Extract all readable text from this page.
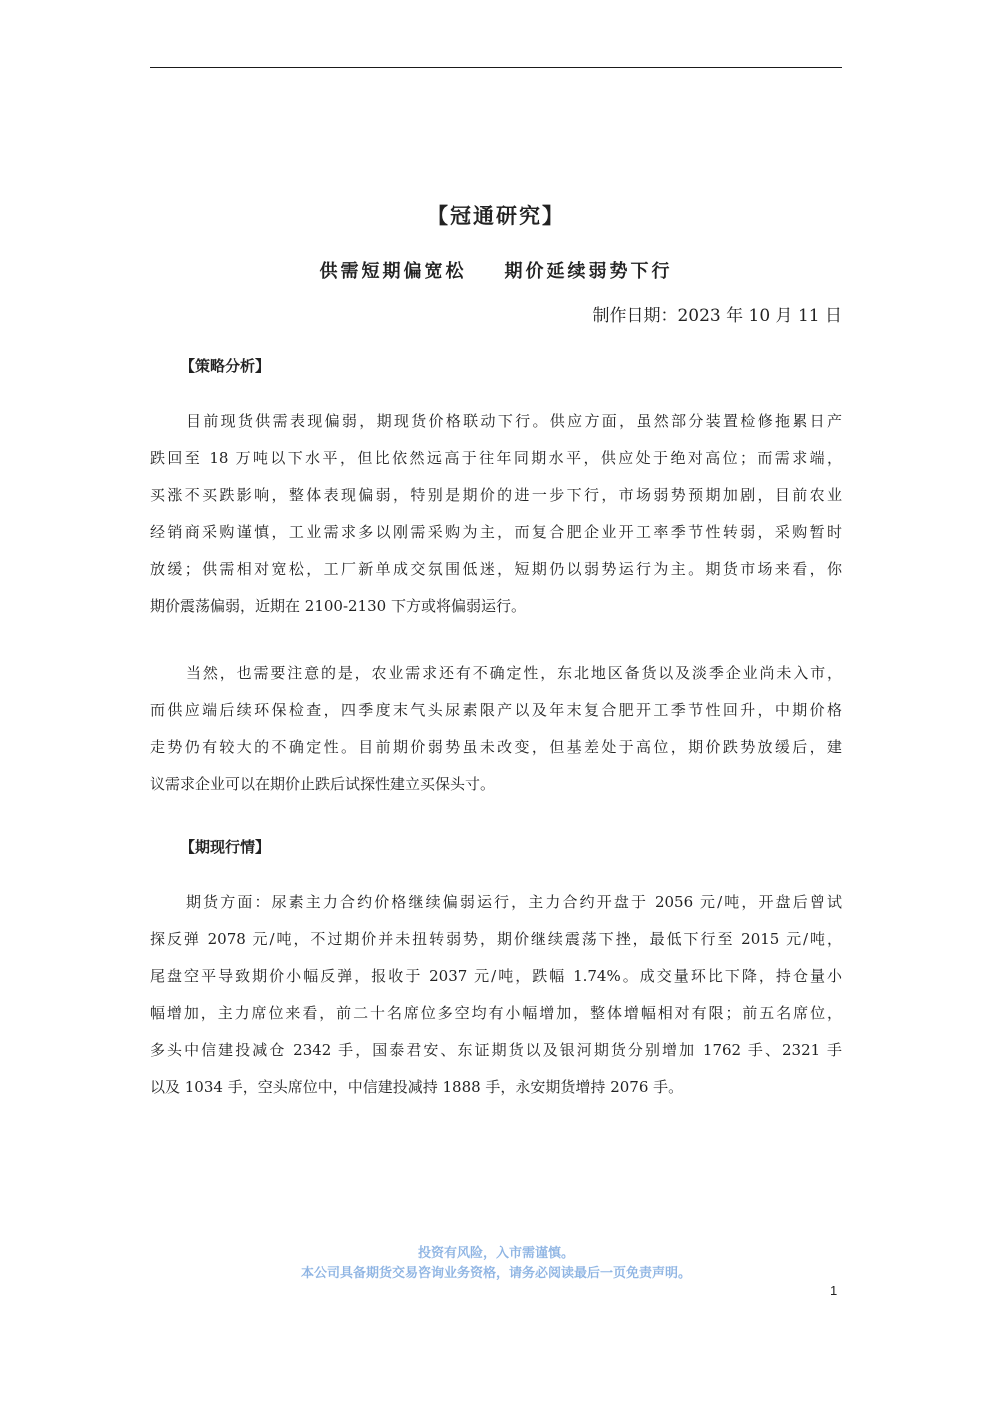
【冠通研究】
供需短期偏宽松 期价延续弱势下行
制作日期：2023 年 10 月 11 日
【策略分析】
目前现货供需表现偏弱，期现货价格联动下行。供应方面，虽然部分装置检修拖累日产
跌回至 18 万吨以下水平，但比依然远高于往年同期水平，供应处于绝对高位；而需求端，
买涨不买跌影响，整体表现偏弱，特别是期价的进一步下行，市场弱势预期加剧，目前农业
经销商采购谨慎，工业需求多以刚需采购为主，而复合肥企业开工率季节性转弱，采购暂时
放缓；供需相对宽松，工厂新单成交氛围低迷，短期仍以弱势运行为主。期货市场来看，你
期价震荡偏弱，近期在 2100-2130 下方或将偏弱运行。
当然，也需要注意的是，农业需求还有不确定性，东北地区备货以及淡季企业尚未入市，
而供应端后续环保检查，四季度末气头尿素限产以及年末复合肥开工季节性回升，中期价格
走势仍有较大的不确定性。目前期价弱势虽未改变，但基差处于高位，期价跌势放缓后，建
议需求企业可以在期价止跌后试探性建立买保头寸。
【期现行情】
期货方面：尿素主力合约价格继续偏弱运行，主力合约开盘于 2056 元/吨，开盘后曾试
探反弹 2078 元/吨，不过期价并未扭转弱势，期价继续震荡下挫，最低下行至 2015 元/吨，
尾盘空平导致期价小幅反弹，报收于 2037 元/吨，跌幅 1.74%。成交量环比下降，持仓量小
幅增加，主力席位来看，前二十名席位多空均有小幅增加，整体增幅相对有限；前五名席位，
多头中信建投减仓 2342 手，国泰君安、东证期货以及银河期货分别增加 1762 手、2321 手
以及 1034 手，空头席位中，中信建投减持 1888 手，永安期货增持 2076 手。
投资有风险，入市需谨慎。
本公司具备期货交易咨询业务资格，请务必阅读最后一页免责声明。
1
